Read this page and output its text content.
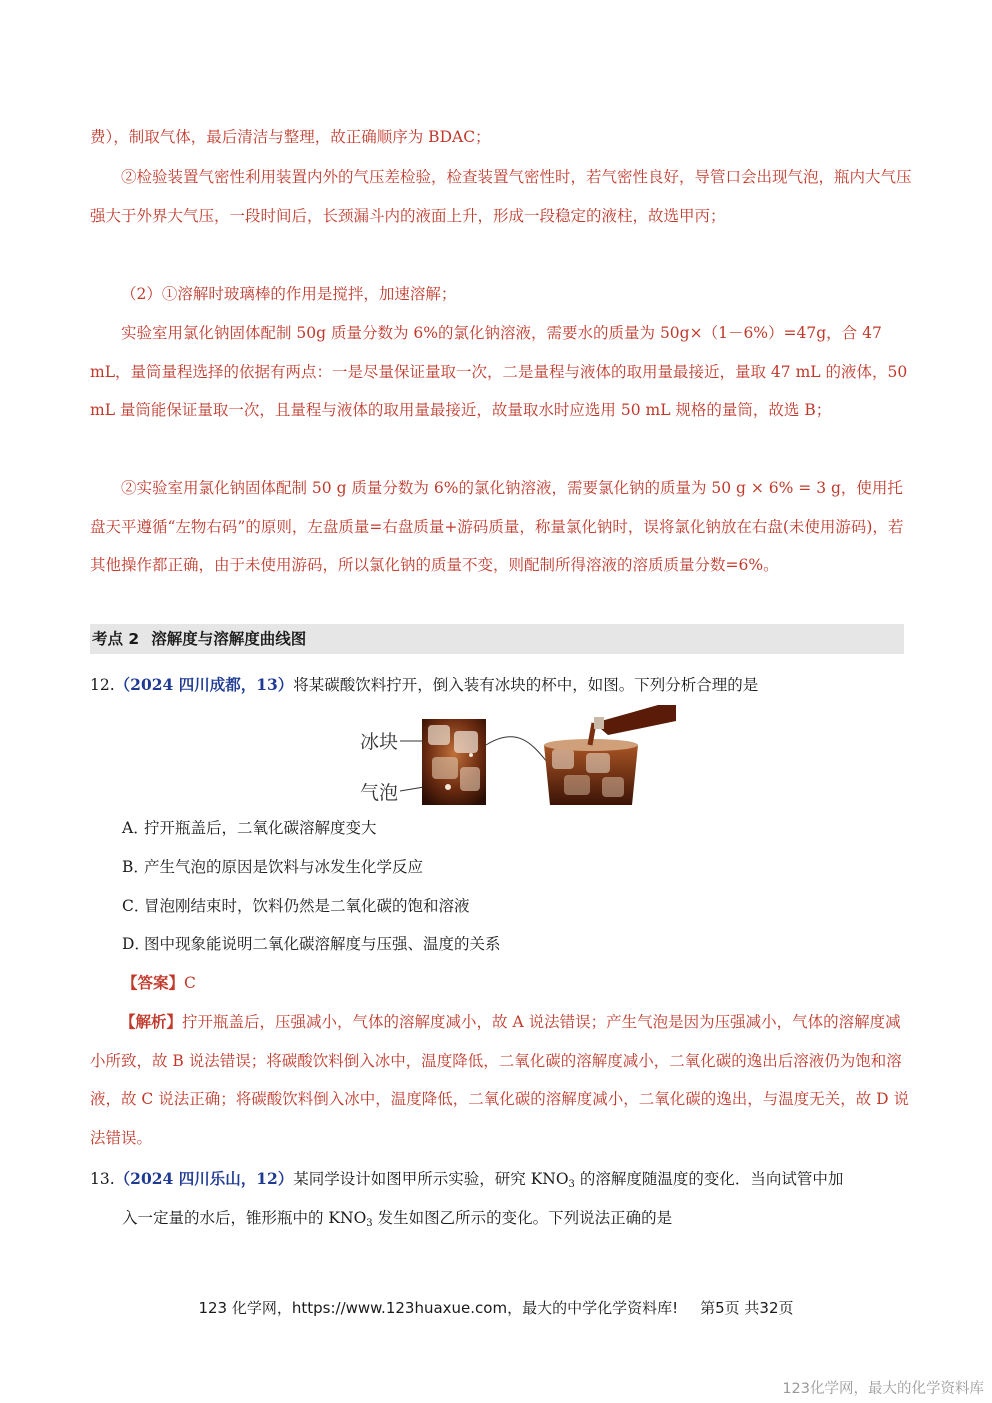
费），制取气体，最后清洁与整理，故正确顺序为 BDAC；

②检验装置气密性利用装置内外的气压差检验，检查装置气密性时，若气密性良好，导管口会出现气泡，瓶内大气压强大于外界大气压，一段时间后，长颈漏斗内的液面上升，形成一段稳定的液柱，故选甲丙；

（2）①溶解时玻璃棒的作用是搅拌，加速溶解；

实验室用氯化钠固体配制 50g 质量分数为 6%的氯化钠溶液，需要水的质量为 50g×（1－6%）=47g，合 47 mL，量筒量程选择的依据有两点：一是尽量保证量取一次，二是量程与液体的取用量最接近，量取 47 mL 的液体，50 mL 量筒能保证量取一次，且量程与液体的取用量最接近，故量取水时应选用 50 mL 规格的量筒，故选 B；

②实验室用氯化钠固体配制 50 g 质量分数为 6%的氯化钠溶液，需要氯化钠的质量为 50 g × 6% = 3 g，使用托盘天平遵循“左物右码”的原则，左盘质量=右盘质量+游码质量，称量氯化钠时，误将氯化钠放在右盘(未使用游码)，若其他操作都正确，由于未使用游码，所以氯化钠的质量不变，则配制所得溶液的溶质质量分数=6%。

考点 2 溶解度与溶解度曲线图

12.（2024 四川成都，13）将某碳酸饮料拧开，倒入装有冰块的杯中，如图。下列分析合理的是

冰块
气泡
A．拧开瓶盖后，二氧化碳溶解度变大
B．产生气泡的原因是饮料与冰发生化学反应
C．冒泡刚结束时，饮料仍然是二氧化碳的饱和溶液
D．图中现象能说明二氧化碳溶解度与压强、温度的关系

【答案】C

【解析】拧开瓶盖后，压强减小，气体的溶解度减小，故 A 说法错误；产生气泡是因为压强减小，气体的溶解度减小所致，故 B 说法错误；将碳酸饮料倒入冰中，温度降低，二氧化碳的溶解度减小，二氧化碳的逸出后溶液仍为饱和溶液，故 C 说法正确；将碳酸饮料倒入冰中，温度降低，二氧化碳的溶解度减小，二氧化碳的逸出，与温度无关，故 D 说法错误。

13.（2024 四川乐山，12）某同学设计如图甲所示实验，研究 $KNO_3$ 的溶解度随温度的变化．当向试管中加

入一定量的水后，锥形瓶中的 $KNO_3$ 发生如图乙所示的变化。下列说法正确的是

123 化学网，https://www.123huaxue.com，最大的中学化学资料库! 第5页 共32页
123化学网，最大的化学资料库
